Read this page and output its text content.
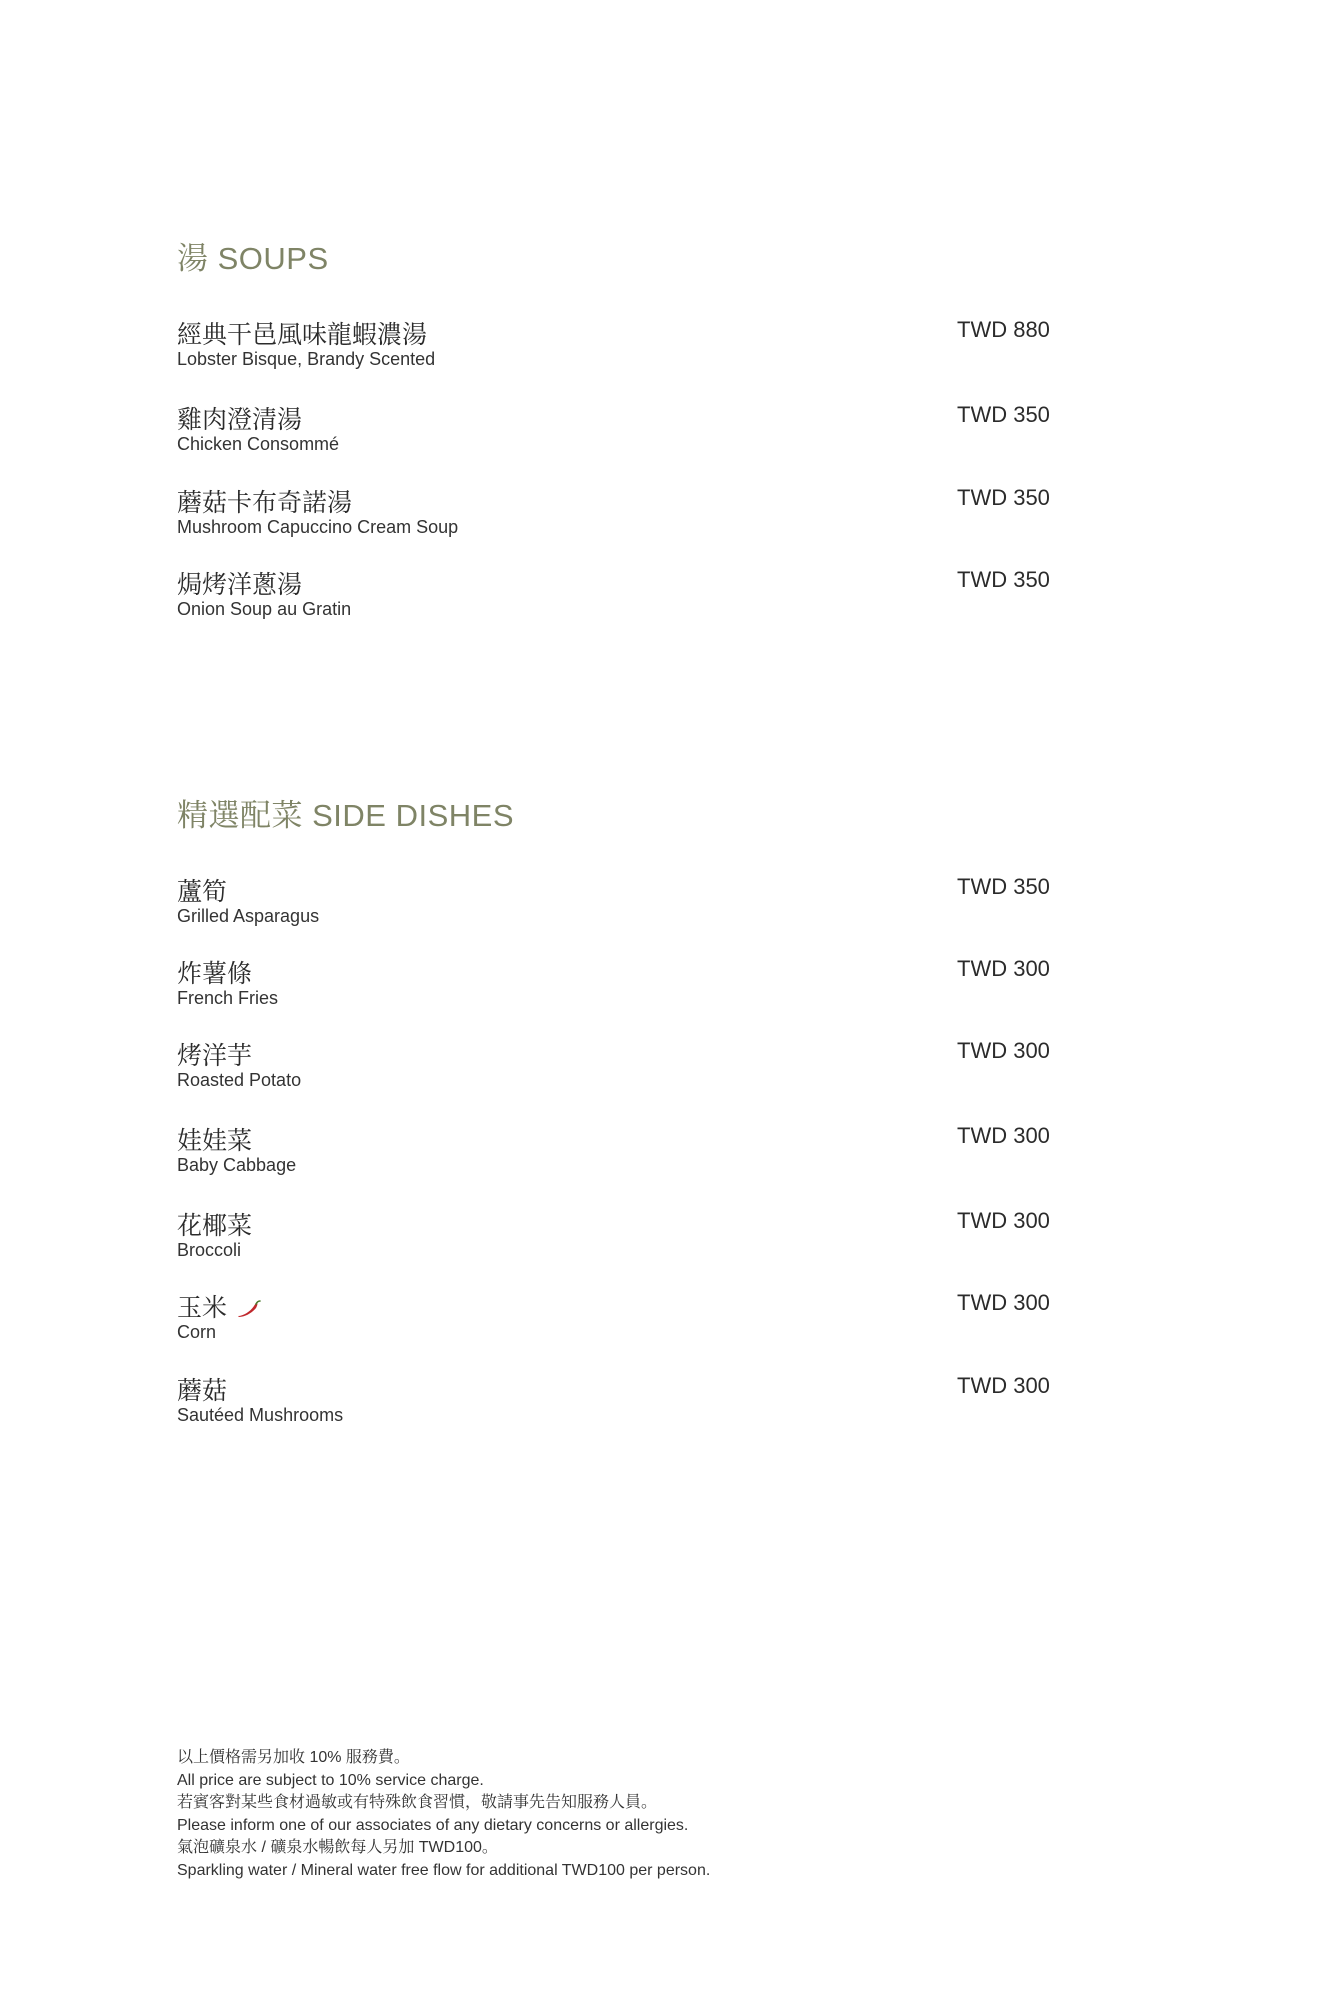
湯 SOUPS
經典干邑風味龍蝦濃湯
Lobster Bisque, Brandy Scented
TWD 880
雞肉澄清湯
Chicken Consommé
TWD 350
蘑菇卡布奇諾湯
Mushroom Capuccino Cream Soup
TWD 350
焗烤洋蔥湯
Onion Soup au Gratin
TWD 350
精選配菜 SIDE DISHES
蘆筍
Grilled Asparagus
TWD 350
炸薯條
French Fries
TWD 300
烤洋芋
Roasted Potato
TWD 300
娃娃菜
Baby Cabbage
TWD 300
花椰菜
Broccoli
TWD 300
玉米
Corn
TWD 300
蘑菇
Sautéed Mushrooms
TWD 300
以上價格需另加收 10% 服務費。
All price are subject to 10% service charge.
若賓客對某些食材過敏或有特殊飲食習慣，敬請事先告知服務人員。
Please inform one of our associates of any dietary concerns or allergies.
氣泡礦泉水 / 礦泉水暢飲每人另加 TWD100。
Sparkling water / Mineral water free flow for additional TWD100 per person.
